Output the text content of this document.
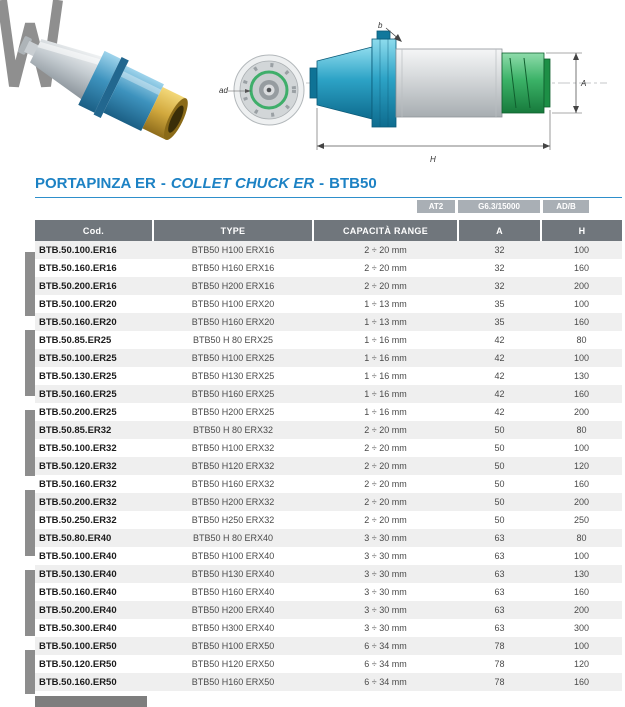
ad
b
A
H
PORTAPINZA ER - COLLET CHUCK ER - BTB50
AT2	G6.3/15000	AD/B
Cod.	TYPE	CAPACITÀ RANGE	A	H
BTB.50.100.ER16	BTB50 H100 ERX16	2 ÷ 20 mm	32	100
BTB.50.160.ER16	BTB50 H160 ERX16	2 ÷ 20 mm	32	160
BTB.50.200.ER16	BTB50 H200 ERX16	2 ÷ 20 mm	32	200
BTB.50.100.ER20	BTB50 H100 ERX20	1 ÷ 13 mm	35	100
BTB.50.160.ER20	BTB50 H160 ERX20	1 ÷ 13 mm	35	160
BTB.50.85.ER25	BTB50 H 80 ERX25	1 ÷ 16 mm	42	80
BTB.50.100.ER25	BTB50 H100 ERX25	1 ÷ 16 mm	42	100
BTB.50.130.ER25	BTB50 H130 ERX25	1 ÷ 16 mm	42	130
BTB.50.160.ER25	BTB50 H160 ERX25	1 ÷ 16 mm	42	160
BTB.50.200.ER25	BTB50 H200 ERX25	1 ÷ 16 mm	42	200
BTB.50.85.ER32	BTB50 H 80 ERX32	2 ÷ 20 mm	50	80
BTB.50.100.ER32	BTB50 H100 ERX32	2 ÷ 20 mm	50	100
BTB.50.120.ER32	BTB50 H120 ERX32	2 ÷ 20 mm	50	120
BTB.50.160.ER32	BTB50 H160 ERX32	2 ÷ 20 mm	50	160
BTB.50.200.ER32	BTB50 H200 ERX32	2 ÷ 20 mm	50	200
BTB.50.250.ER32	BTB50 H250 ERX32	2 ÷ 20 mm	50	250
BTB.50.80.ER40	BTB50 H 80 ERX40	3 ÷ 30 mm	63	80
BTB.50.100.ER40	BTB50 H100 ERX40	3 ÷ 30 mm	63	100
BTB.50.130.ER40	BTB50 H130 ERX40	3 ÷ 30 mm	63	130
BTB.50.160.ER40	BTB50 H160 ERX40	3 ÷ 30 mm	63	160
BTB.50.200.ER40	BTB50 H200 ERX40	3 ÷ 30 mm	63	200
BTB.50.300.ER40	BTB50 H300 ERX40	3 ÷ 30 mm	63	300
BTB.50.100.ER50	BTB50 H100 ERX50	6 ÷ 34 mm	78	100
BTB.50.120.ER50	BTB50 H120 ERX50	6 ÷ 34 mm	78	120
BTB.50.160.ER50	BTB50 H160 ERX50	6 ÷ 34 mm	78	160
